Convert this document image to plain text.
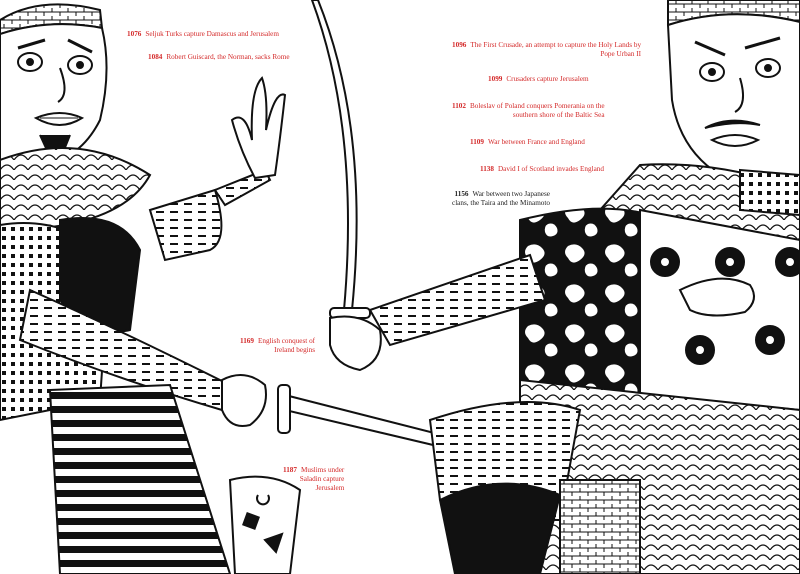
1076 Seljuk Turks capture Damascus and Jerusalem
1084 Robert Guiscard, the Norman, sacks Rome
1096 The First Crusade, an attempt to capture the Holy Lands by
Pope Urban II
1099 Crusaders capture Jerusalem
1102 Boleslav of Poland conquers Pomerania on the
southern shore of the Baltic Sea
1109 War between France and England
1138 David I of Scotland invades England
1156 War between two Japanese
clans, the Taira and the Minamoto
1169 English conquest of
Ireland begins
1187 Muslims under
Saladin capture
Jerusalem
